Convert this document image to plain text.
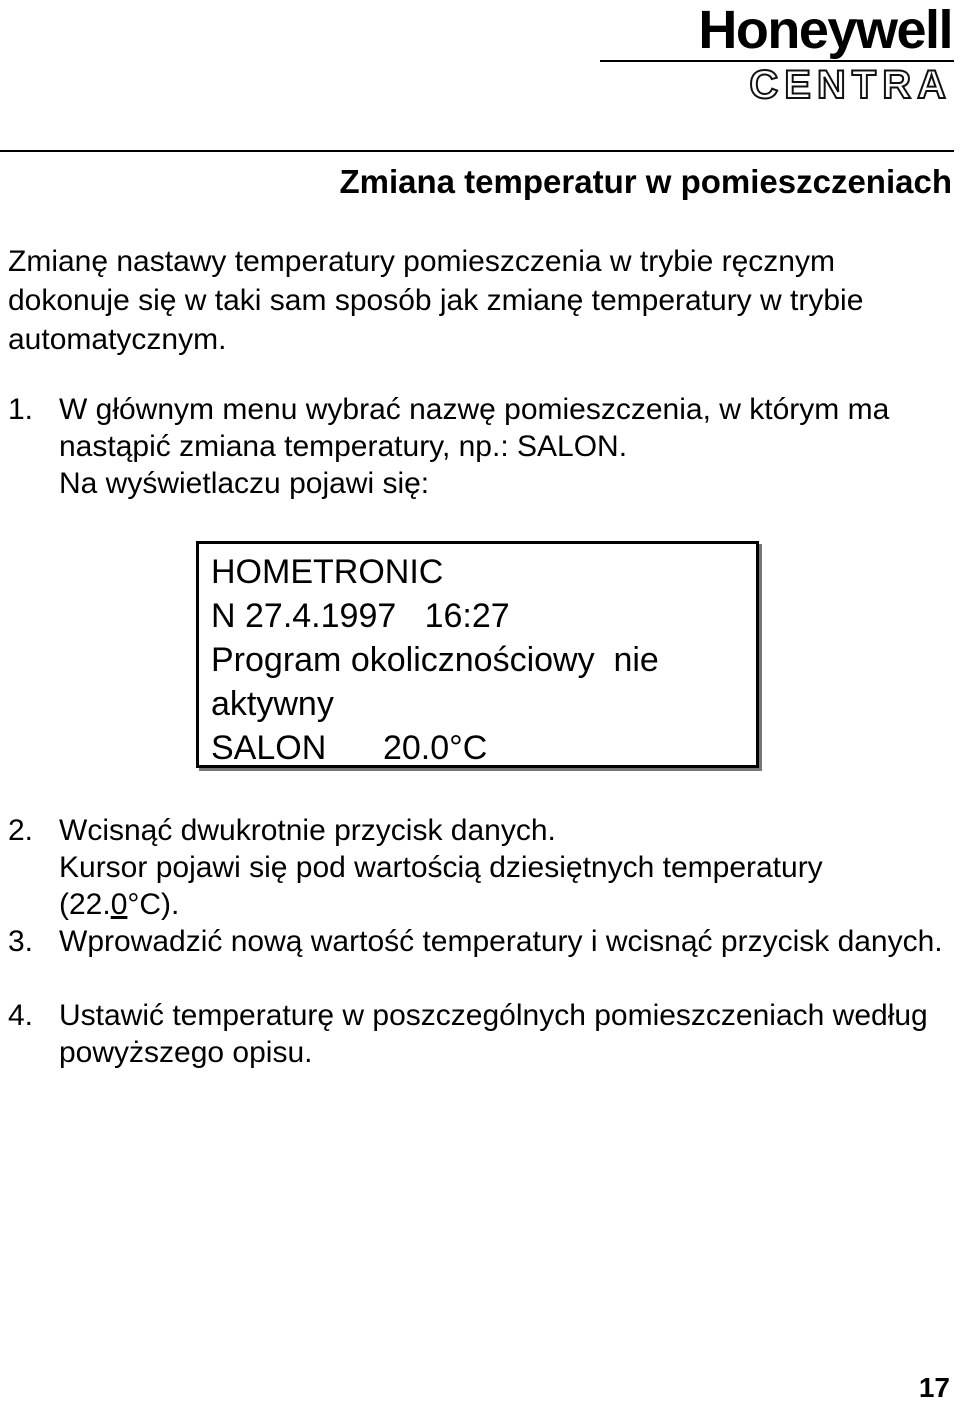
Honeywell
CENTRA
Zmiana temperatur w pomieszczeniach
Zmianę nastawy temperatury pomieszczenia w trybie ręcznym dokonuje się w taki sam sposób jak zmianę temperatury w trybie automatycznym.
1. W głównym menu wybrać nazwę pomieszczenia, w którym ma nastąpić zmiana temperatury, np.: SALON.
Na wyświetlaczu pojawi się:
HOMETRONIC
N 27.4.1997   16:27
Program okolicznościowy  nie
aktywny
SALON      20.0°C
2. Wcisnąć dwukrotnie przycisk danych.
Kursor pojawi się pod wartością dziesiętnych temperatury
(22.0°C).
3. Wprowadzić nową wartość temperatury i wcisnąć przycisk danych.
4. Ustawić temperaturę w poszczególnych pomieszczeniach według powyższego opisu.
17
